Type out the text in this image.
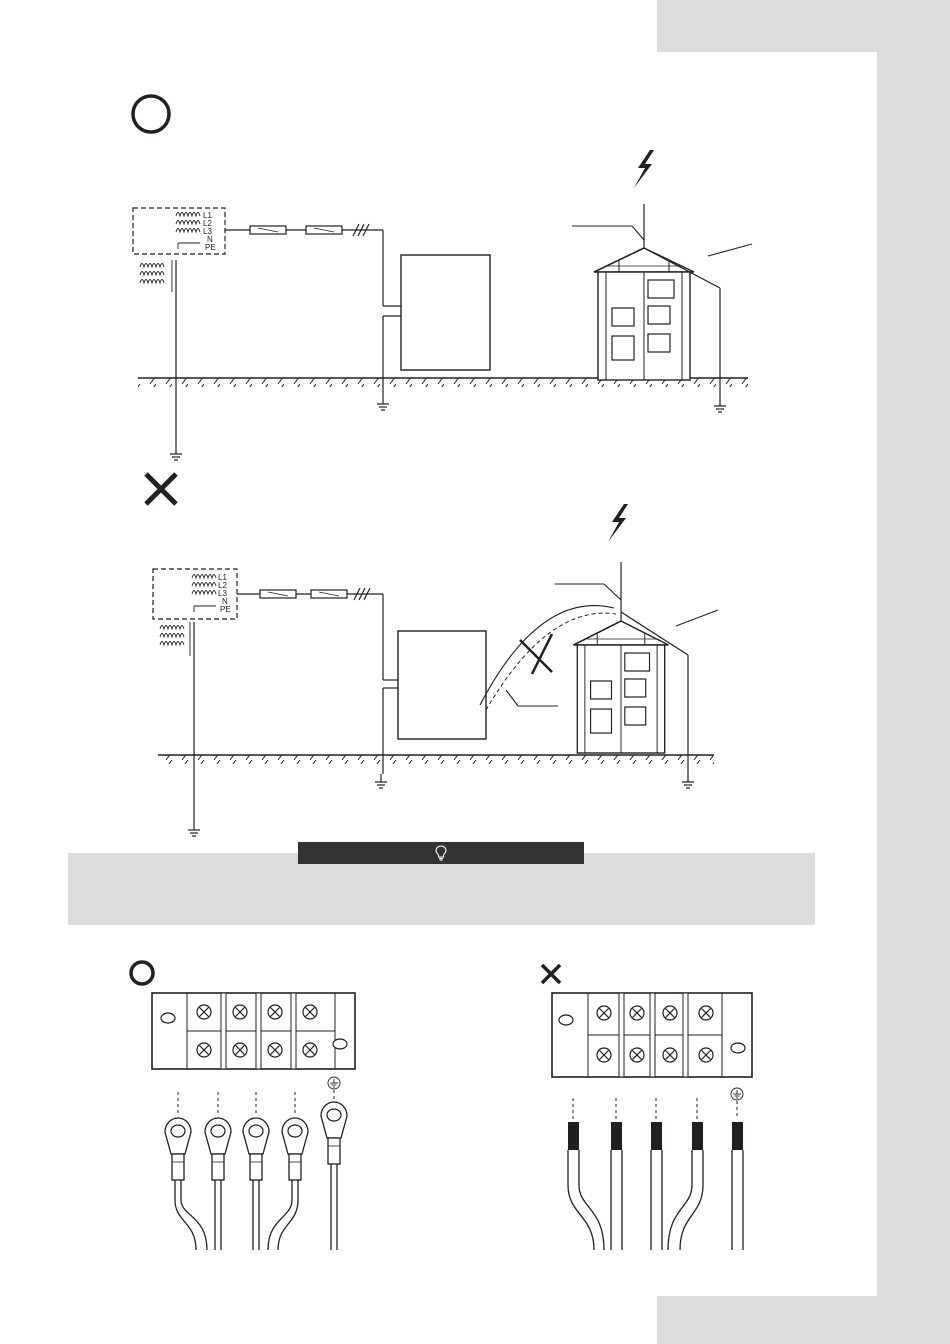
L1
L2
L3
N
PE
L1
L2
L3
N
PE
